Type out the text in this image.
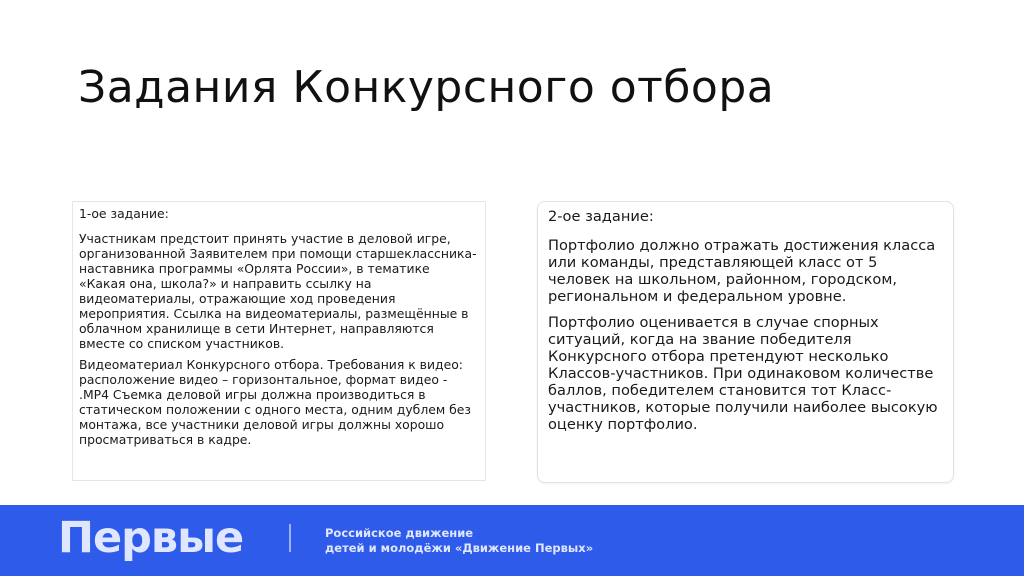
Задания Конкурсного отбора

1-ое задание:

Участникам предстоит принять участие в деловой игре, организованной Заявителем при помощи старшеклассника-наставника программы «Орлята России», в тематике «Какая она, школа?» и направить ссылку на видеоматериалы, отражающие ход проведения мероприятия. Ссылка на видеоматериалы, размещённые в облачном хранилище в сети Интернет, направляются вместе со списком участников.

Видеоматериал Конкурсного отбора. Требования к видео: расположение видео – горизонтальное, формат видео - .MP4 Съемка деловой игры должна производиться в статическом положении с одного места, одним дублем без монтажа, все участники деловой игры должны хорошо просматриваться в кадре.

2-ое задание:

Портфолио должно отражать достижения класса или команды, представляющей класс от 5 человек на школьном, районном, городском, региональном и федеральном уровне.

Портфолио оценивается в случае спорных ситуаций, когда на звание победителя Конкурсного отбора претендуют несколько Классов-участников. При одинаковом количестве баллов, победителем становится тот Класс-участников, которые получили наиболее высокую оценку портфолио.

Первые	Российское движение
детей и молодёжи «Движение Первых»
